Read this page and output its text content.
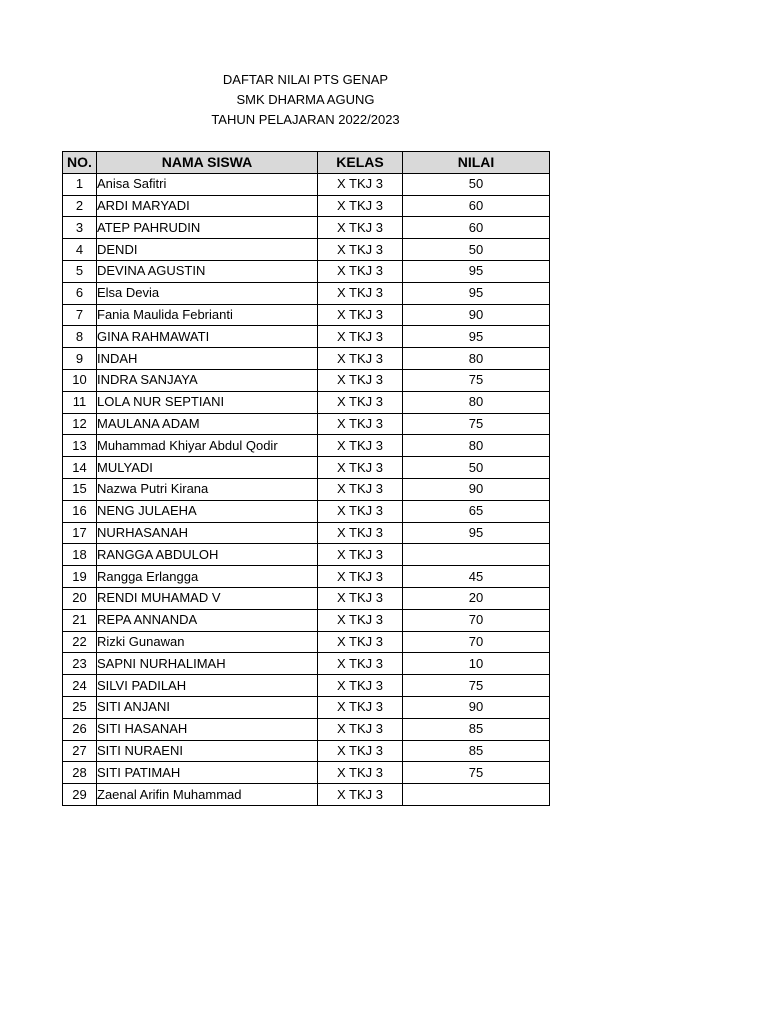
DAFTAR NILAI PTS GENAP
SMK DHARMA AGUNG
TAHUN PELAJARAN 2022/2023
NO.	NAMA SISWA	KELAS	NILAI
1	Anisa Safitri	X TKJ 3	50
2	ARDI MARYADI	X TKJ 3	60
3	ATEP PAHRUDIN	X TKJ 3	60
4	DENDI	X TKJ 3	50
5	DEVINA AGUSTIN	X TKJ 3	95
6	Elsa Devia	X TKJ 3	95
7	Fania Maulida Febrianti	X TKJ 3	90
8	GINA RAHMAWATI	X TKJ 3	95
9	INDAH	X TKJ 3	80
10	INDRA SANJAYA	X TKJ 3	75
11	LOLA NUR SEPTIANI	X TKJ 3	80
12	MAULANA ADAM	X TKJ 3	75
13	Muhammad Khiyar Abdul Qodir	X TKJ 3	80
14	MULYADI	X TKJ 3	50
15	Nazwa Putri Kirana	X TKJ 3	90
16	NENG JULAEHA	X TKJ 3	65
17	NURHASANAH	X TKJ 3	95
18	RANGGA ABDULOH	X TKJ 3	
19	Rangga Erlangga	X TKJ 3	45
20	RENDI MUHAMAD V	X TKJ 3	20
21	REPA ANNANDA	X TKJ 3	70
22	Rizki Gunawan	X TKJ 3	70
23	SAPNI NURHALIMAH	X TKJ 3	10
24	SILVI PADILAH	X TKJ 3	75
25	SITI ANJANI	X TKJ 3	90
26	SITI HASANAH	X TKJ 3	85
27	SITI NURAENI	X TKJ 3	85
28	SITI PATIMAH	X TKJ 3	75
29	Zaenal Arifin Muhammad	X TKJ 3	
